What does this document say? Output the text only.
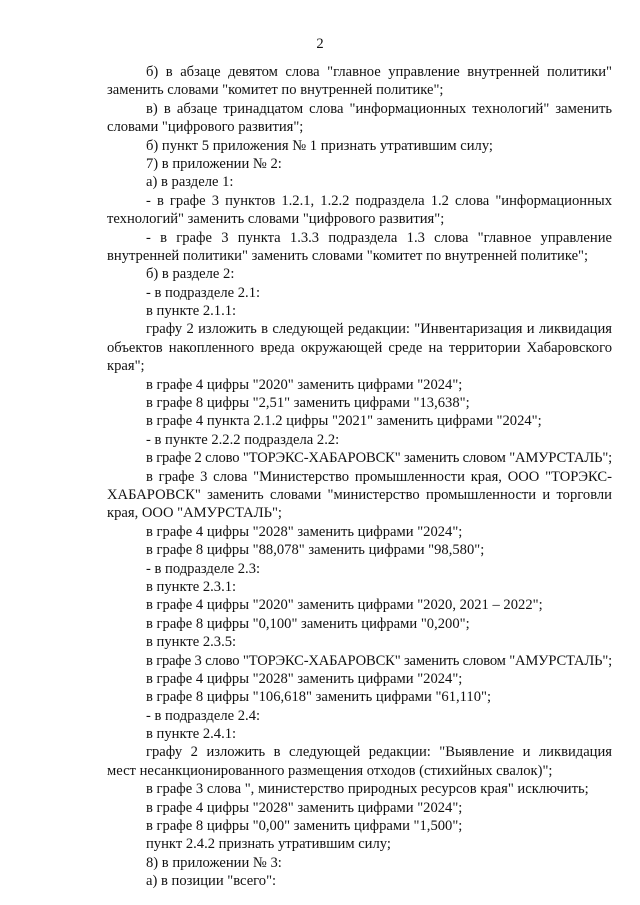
2
б) в абзаце девятом слова "главное управление внутренней политики"
заменить словами "комитет по внутренней политике";
в) в абзаце тринадцатом слова "информационных технологий" заменить
словами "цифрового развития";
б) пункт 5 приложения № 1 признать утратившим силу;
7) в приложении № 2:
а) в разделе 1:
- в графе 3 пунктов 1.2.1, 1.2.2 подраздела 1.2 слова "информационных
технологий" заменить словами "цифрового развития";
- в графе 3 пункта 1.3.3 подраздела 1.3 слова "главное управление
внутренней политики" заменить словами "комитет по внутренней политике";
б) в разделе 2:
- в подразделе 2.1:
в пункте 2.1.1:
графу 2 изложить в следующей редакции: "Инвентаризация и ликвидация
объектов накопленного вреда окружающей среде на территории Хабаровского
края";
в графе 4 цифры "2020" заменить цифрами "2024";
в графе 8 цифры "2,51" заменить цифрами "13,638";
в графе 4 пункта 2.1.2 цифры "2021" заменить цифрами "2024";
- в пункте 2.2.2 подраздела 2.2:
в графе 2 слово "ТОРЭКС-ХАБАРОВСК" заменить словом "АМУРСТАЛЬ";
в графе 3 слова "Министерство промышленности края, ООО "ТОРЭКС-
ХАБАРОВСК" заменить словами "министерство промышленности и торговли
края, ООО "АМУРСТАЛЬ";
в графе 4 цифры "2028" заменить цифрами "2024";
в графе 8 цифры "88,078" заменить цифрами "98,580";
- в подразделе 2.3:
в пункте 2.3.1:
в графе 4 цифры "2020" заменить цифрами "2020, 2021 – 2022";
в графе 8 цифры "0,100" заменить цифрами "0,200";
в пункте 2.3.5:
в графе 3 слово "ТОРЭКС-ХАБАРОВСК" заменить словом "АМУРСТАЛЬ";
в графе 4 цифры "2028" заменить цифрами "2024";
в графе 8 цифры "106,618" заменить цифрами "61,110";
- в подразделе 2.4:
в пункте 2.4.1:
графу 2 изложить в следующей редакции: "Выявление и ликвидация
мест несанкционированного размещения отходов (стихийных свалок)";
в графе 3 слова ", министерство природных ресурсов края" исключить;
в графе 4 цифры "2028" заменить цифрами "2024";
в графе 8 цифры "0,00" заменить цифрами "1,500";
пункт 2.4.2 признать утратившим силу;
8) в приложении № 3:
а) в позиции "всего":
